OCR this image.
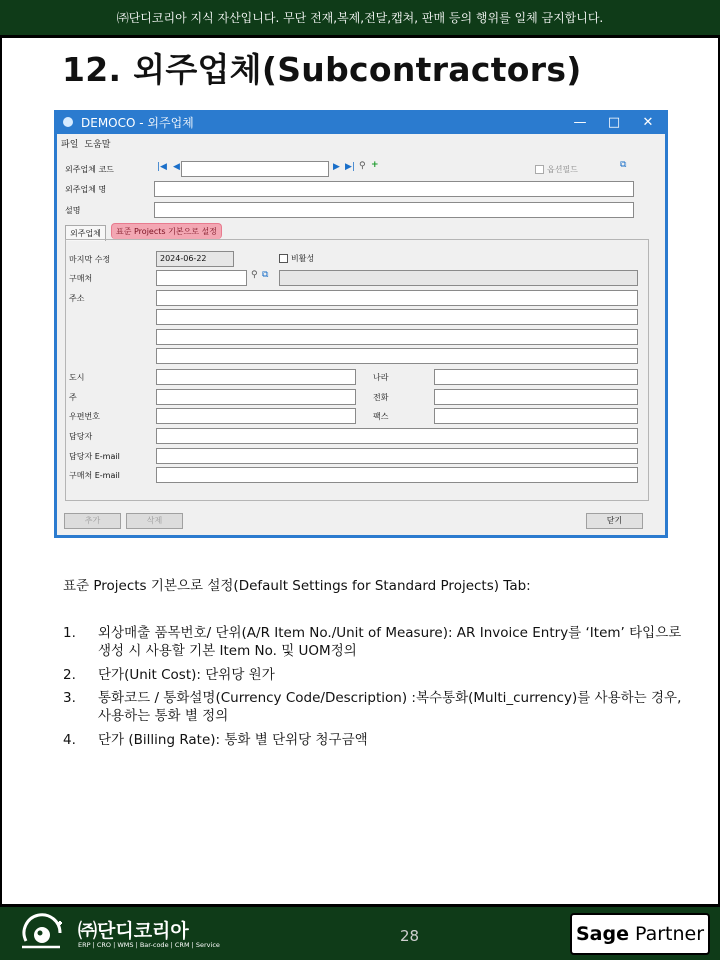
㈜단디코리아 지식 자산입니다. 무단 전재,복제,전달,캡쳐, 판매 등의 행위를 일체 금지합니다.
12. 외주업체(Subcontractors)
DEMOCO - 외주업체	—	□	✕
파일 도움말
외주업체 코드	|◀ ◀	▶ ▶| ⚲ +	옵션필드	⧉
외주업체 명
설명
외주업체	표준 Projects 기본으로 설정
마지막 수정	2024-06-22	비활성
구매처	⚲ ⧉
주소
도시	나라
주	전화
우편번호	팩스
담당자
담당자 E-mail
구매처 E-mail
추가	삭제	닫기
표준 Projects 기본으로 설정(Default Settings for Standard Projects) Tab:
1.	외상매출 품목번호/ 단위(A/R Item No./Unit of Measure): AR Invoice Entry를 ‘Item’ 타입으로 생성 시 사용할 기본 Item No. 및 UOM정의
2.	단가(Unit Cost): 단위당 원가
3.	통화코드 / 통화설명(Currency Code/Description) :복수통화(Multi_currency)를 사용하는 경우, 사용하는 통화 별 정의
4.	단가 (Billing Rate): 통화 별 단위당 청구금액
㈜단디코리아
ERP | CRO | WMS | Bar-code | CRM | Service	28	Sage Partner
